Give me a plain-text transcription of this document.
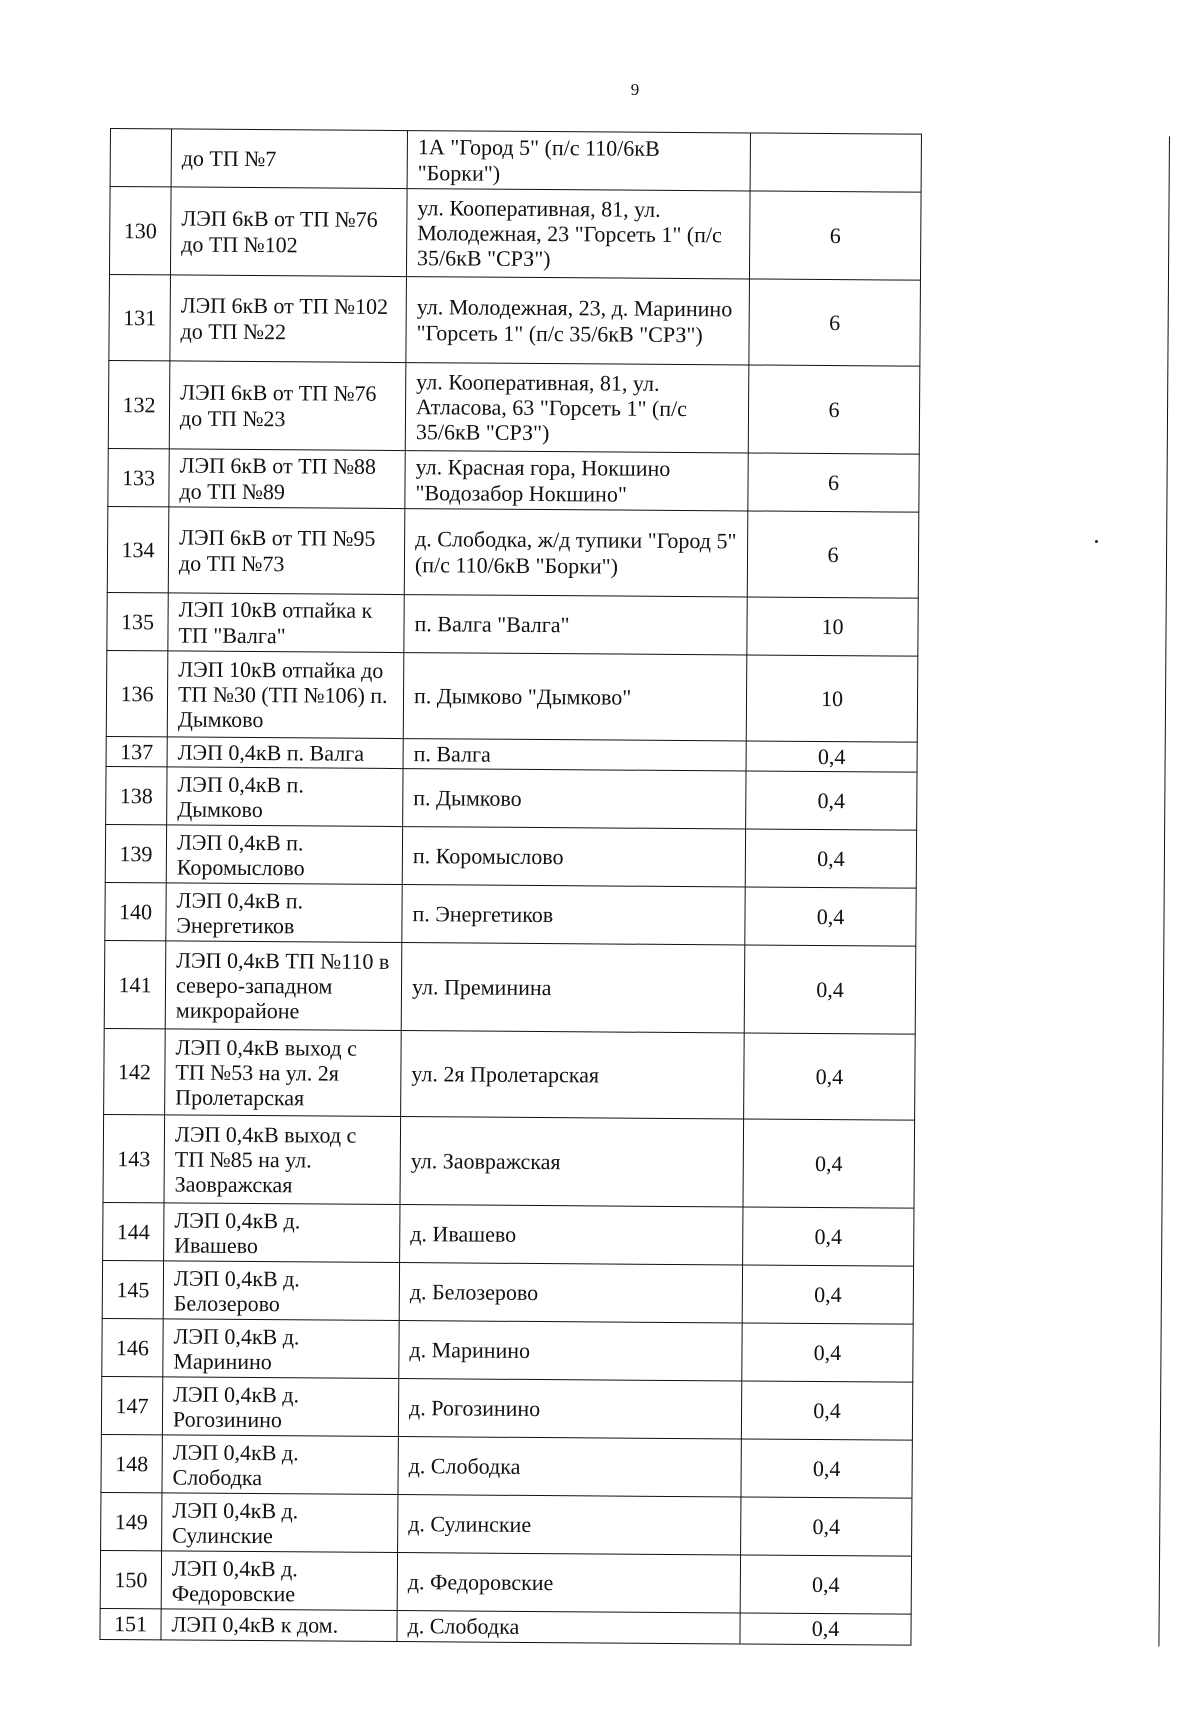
9
	до ТП №7	1А "Город 5" (п/с 110/6кВ "Борки")		
130	ЛЭП 6кВ от ТП №76 до ТП №102	ул. Кооперативная, 81, ул. Молодежная, 23 "Горсеть 1" (п/с 35/6кВ "СРЗ")	6	
131	ЛЭП 6кВ от ТП №102 до ТП №22	ул. Молодежная, 23, д. Маринино "Горсеть 1" (п/с 35/6кВ "СРЗ")	6	
132	ЛЭП 6кВ от ТП №76 до ТП №23	ул. Кооперативная, 81, ул. Атласова, 63 "Горсеть 1" (п/с 35/6кВ "СРЗ")	6	
133	ЛЭП 6кВ от ТП №88 до ТП №89	ул. Красная гора, Нокшино "Водозабор Нокшино"	6	
134	ЛЭП 6кВ от ТП №95 до ТП №73	д. Слободка, ж/д тупики "Город 5" (п/с 110/6кВ "Борки")	6	
135	ЛЭП 10кВ отпайка к ТП "Валга"	п. Валга "Валга"	10	
136	ЛЭП 10кВ отпайка до ТП №30 (ТП №106) п. Дымково	п. Дымково "Дымково"	10	
137	ЛЭП 0,4кВ п. Валга	п. Валга	0,4	
138	ЛЭП 0,4кВ п. Дымково	п. Дымково	0,4	
139	ЛЭП 0,4кВ п. Коромыслово	п. Коромыслово	0,4	
140	ЛЭП 0,4кВ п. Энергетиков	п. Энергетиков	0,4	
141	ЛЭП 0,4кВ ТП №110 в северо-западном микрорайоне	ул. Преминина	0,4	
142	ЛЭП 0,4кВ выход с ТП №53 на ул. 2я Пролетарская	ул. 2я Пролетарская	0,4	
143	ЛЭП 0,4кВ выход с ТП №85 на ул. Заовражская	ул. Заовражская	0,4	
144	ЛЭП 0,4кВ д. Ивашево	д. Ивашево	0,4	
145	ЛЭП 0,4кВ д. Белозерово	д. Белозерово	0,4	
146	ЛЭП 0,4кВ д. Маринино	д. Маринино	0,4	
147	ЛЭП 0,4кВ д. Рогозинино	д. Рогозинино	0,4	
148	ЛЭП 0,4кВ д. Слободка	д. Слободка	0,4	
149	ЛЭП 0,4кВ д. Сулинские	д. Сулинские	0,4	
150	ЛЭП 0,4кВ д. Федоровские	д. Федоровские	0,4	
151	ЛЭП 0,4кВ к дом.	д. Слободка	0,4	
